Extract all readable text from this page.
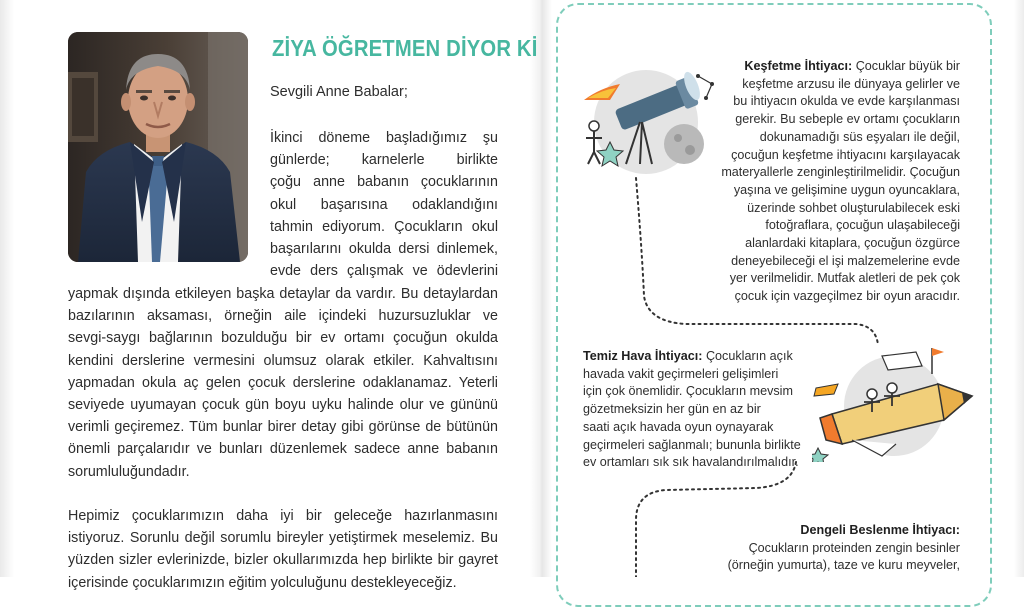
ZİYA ÖĞRETMEN DİYOR Kİ
Sevgili Anne Babalar;
İkinci döneme başladığımız şu
günlerde; karnelerle birlikte
çoğu anne babanın çocuklarının
okul başarısına odaklandığını
tahmin ediyorum. Çocukların okul
başarılarını okulda dersi dinlemek,
evde ders çalışmak ve ödevlerini
yapmak dışında etkileyen başka detaylar da vardır. Bu detaylardan
bazılarının aksaması, örneğin aile içindeki huzursuzluklar ve
sevgi-saygı bağlarının bozulduğu bir ev ortamı çocuğun okulda
kendini derslerine vermesini olumsuz olarak etkiler. Kahvaltısını
yapmadan okula aç gelen çocuk derslerine odaklanamaz. Yeterli
seviyede uyumayan çocuk gün boyu uyku halinde olur ve gününü
verimli geçiremez. Tüm bunlar birer detay gibi görünse de bütünün
önemli parçalarıdır ve bunları düzenlemek sadece anne babanın
sorumluluğundadır.
Hepimiz çocuklarımızın daha iyi bir geleceğe hazırlanmasını
istiyoruz. Sorunlu değil sorumlu bireyler yetiştirmek meselemiz. Bu
yüzden sizler evlerinizde, bizler okullarımızda hep birlikte bir gayret
içerisinde çocuklarımızın eğitim yolculuğunu destekleyeceğiz.
Keşfetme İhtiyacı: Çocuklar büyük bir
keşfetme arzusu ile dünyaya gelirler ve
bu ihtiyacın okulda ve evde karşılanması
gerekir. Bu sebeple ev ortamı çocukların
dokunamadığı süs eşyaları ile değil,
çocuğun keşfetme ihtiyacını karşılayacak
materyallerle zenginleştirilmelidir. Çocuğun
yaşına ve gelişimine uygun oyuncaklara,
üzerinde sohbet oluşturulabilecek eski
fotoğraflara, çocuğun ulaşabileceği
alanlardaki kitaplara, çocuğun özgürce
deneyebileceği el işi malzemelerine evde
yer verilmelidir. Mutfak aletleri de pek çok
çocuk için vazgeçilmez bir oyun aracıdır.
Temiz Hava İhtiyacı: Çocukların açık
havada vakit geçirmeleri gelişimleri
için çok önemlidir. Çocukların mevsim
gözetmeksizin her gün en az bir
saati açık havada oyun oynayarak
geçirmeleri sağlanmalı; bununla birlikte
ev ortamları sık sık havalandırılmalıdır.
Dengeli Beslenme İhtiyacı:
Çocukların proteinden zengin besinler
(örneğin yumurta), taze ve kuru meyveler,
